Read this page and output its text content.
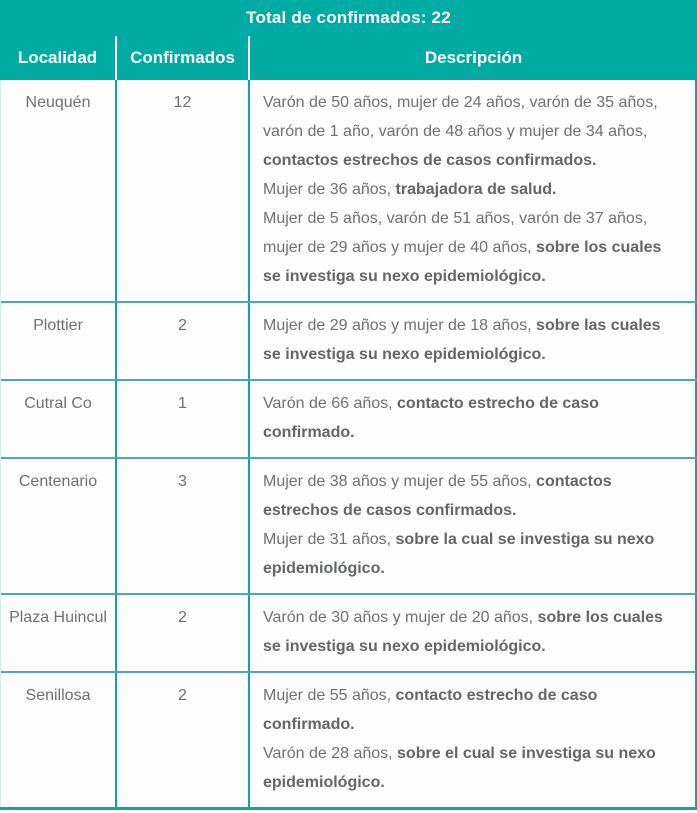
Total de confirmados: 22
Localidad	Confirmados	Descripción
Neuquén	12	Varón de 50 años, mujer de 24 años, varón de 35 años, varón de 1 año, varón de 48 años y mujer de 34 años, contactos estrechos de casos confirmados.

Mujer de 36 años, trabajadora de salud.

Mujer de 5 años, varón de 51 años, varón de 37 años, mujer de 29 años y mujer de 40 años, sobre los cuales se investiga su nexo epidemiológico.

Plottier	2	Mujer de 29 años y mujer de 18 años, sobre las cuales se investiga su nexo epidemiológico.

Cutral Co	1	Varón de 66 años, contacto estrecho de caso confirmado.

Centenario	3	Mujer de 38 años y mujer de 55 años, contactos estrechos de casos confirmados.

Mujer de 31 años, sobre la cual se investiga su nexo epidemiológico.

Plaza Huincul	2	Varón de 30 años y mujer de 20 años, sobre los cuales se investiga su nexo epidemiológico.

Senillosa	2	Mujer de 55 años, contacto estrecho de caso confirmado.

Varón de 28 años, sobre el cual se investiga su nexo epidemiológico.
